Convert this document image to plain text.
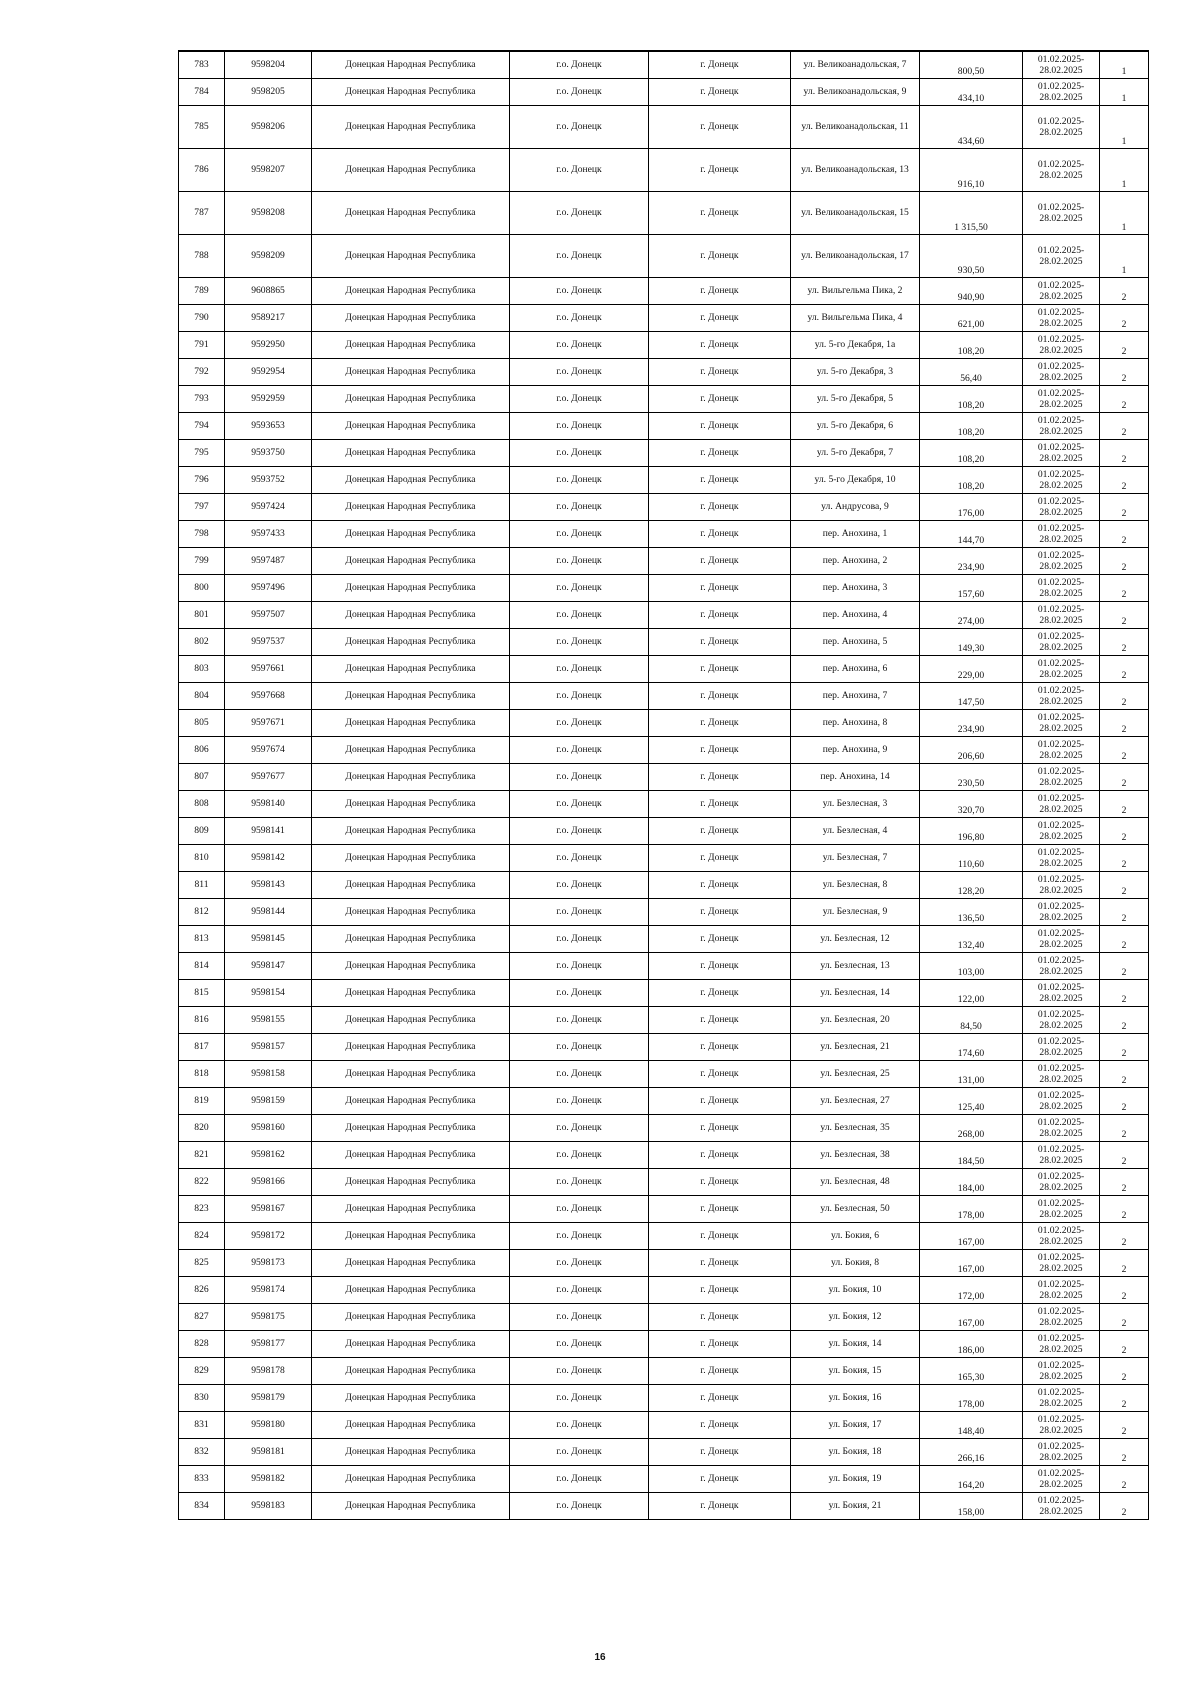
783	9598204	Донецкая Народная Республика	г.о. Донецк	г. Донецк	ул. Великоанадольская, 7	800,50	01.02.2025-28.02.2025	1
784	9598205	Донецкая Народная Республика	г.о. Донецк	г. Донецк	ул. Великоанадольская, 9	434,10	01.02.2025-28.02.2025	1
785	9598206	Донецкая Народная Республика	г.о. Донецк	г. Донецк	ул. Великоанадольская, 11	434,60	01.02.2025-28.02.2025	1
786	9598207	Донецкая Народная Республика	г.о. Донецк	г. Донецк	ул. Великоанадольская, 13	916,10	01.02.2025-28.02.2025	1
787	9598208	Донецкая Народная Республика	г.о. Донецк	г. Донецк	ул. Великоанадольская, 15	1 315,50	01.02.2025-28.02.2025	1
788	9598209	Донецкая Народная Республика	г.о. Донецк	г. Донецк	ул. Великоанадольская, 17	930,50	01.02.2025-28.02.2025	1
789	9608865	Донецкая Народная Республика	г.о. Донецк	г. Донецк	ул. Вильгельма Пика, 2	940,90	01.02.2025-28.02.2025	2
790	9589217	Донецкая Народная Республика	г.о. Донецк	г. Донецк	ул. Вильгельма Пика, 4	621,00	01.02.2025-28.02.2025	2
791	9592950	Донецкая Народная Республика	г.о. Донецк	г. Донецк	ул. 5-го Декабря, 1а	108,20	01.02.2025-28.02.2025	2
792	9592954	Донецкая Народная Республика	г.о. Донецк	г. Донецк	ул. 5-го Декабря, 3	56,40	01.02.2025-28.02.2025	2
793	9592959	Донецкая Народная Республика	г.о. Донецк	г. Донецк	ул. 5-го Декабря, 5	108,20	01.02.2025-28.02.2025	2
794	9593653	Донецкая Народная Республика	г.о. Донецк	г. Донецк	ул. 5-го Декабря, 6	108,20	01.02.2025-28.02.2025	2
795	9593750	Донецкая Народная Республика	г.о. Донецк	г. Донецк	ул. 5-го Декабря, 7	108,20	01.02.2025-28.02.2025	2
796	9593752	Донецкая Народная Республика	г.о. Донецк	г. Донецк	ул. 5-го Декабря, 10	108,20	01.02.2025-28.02.2025	2
797	9597424	Донецкая Народная Республика	г.о. Донецк	г. Донецк	ул. Андрусова, 9	176,00	01.02.2025-28.02.2025	2
798	9597433	Донецкая Народная Республика	г.о. Донецк	г. Донецк	пер. Анохина, 1	144,70	01.02.2025-28.02.2025	2
799	9597487	Донецкая Народная Республика	г.о. Донецк	г. Донецк	пер. Анохина, 2	234,90	01.02.2025-28.02.2025	2
800	9597496	Донецкая Народная Республика	г.о. Донецк	г. Донецк	пер. Анохина, 3	157,60	01.02.2025-28.02.2025	2
801	9597507	Донецкая Народная Республика	г.о. Донецк	г. Донецк	пер. Анохина, 4	274,00	01.02.2025-28.02.2025	2
802	9597537	Донецкая Народная Республика	г.о. Донецк	г. Донецк	пер. Анохина, 5	149,30	01.02.2025-28.02.2025	2
803	9597661	Донецкая Народная Республика	г.о. Донецк	г. Донецк	пер. Анохина, 6	229,00	01.02.2025-28.02.2025	2
804	9597668	Донецкая Народная Республика	г.о. Донецк	г. Донецк	пер. Анохина, 7	147,50	01.02.2025-28.02.2025	2
805	9597671	Донецкая Народная Республика	г.о. Донецк	г. Донецк	пер. Анохина, 8	234,90	01.02.2025-28.02.2025	2
806	9597674	Донецкая Народная Республика	г.о. Донецк	г. Донецк	пер. Анохина, 9	206,60	01.02.2025-28.02.2025	2
807	9597677	Донецкая Народная Республика	г.о. Донецк	г. Донецк	пер. Анохина, 14	230,50	01.02.2025-28.02.2025	2
808	9598140	Донецкая Народная Республика	г.о. Донецк	г. Донецк	ул. Безлесная, 3	320,70	01.02.2025-28.02.2025	2
809	9598141	Донецкая Народная Республика	г.о. Донецк	г. Донецк	ул. Безлесная, 4	196,80	01.02.2025-28.02.2025	2
810	9598142	Донецкая Народная Республика	г.о. Донецк	г. Донецк	ул. Безлесная, 7	110,60	01.02.2025-28.02.2025	2
811	9598143	Донецкая Народная Республика	г.о. Донецк	г. Донецк	ул. Безлесная, 8	128,20	01.02.2025-28.02.2025	2
812	9598144	Донецкая Народная Республика	г.о. Донецк	г. Донецк	ул. Безлесная, 9	136,50	01.02.2025-28.02.2025	2
813	9598145	Донецкая Народная Республика	г.о. Донецк	г. Донецк	ул. Безлесная, 12	132,40	01.02.2025-28.02.2025	2
814	9598147	Донецкая Народная Республика	г.о. Донецк	г. Донецк	ул. Безлесная, 13	103,00	01.02.2025-28.02.2025	2
815	9598154	Донецкая Народная Республика	г.о. Донецк	г. Донецк	ул. Безлесная, 14	122,00	01.02.2025-28.02.2025	2
816	9598155	Донецкая Народная Республика	г.о. Донецк	г. Донецк	ул. Безлесная, 20	84,50	01.02.2025-28.02.2025	2
817	9598157	Донецкая Народная Республика	г.о. Донецк	г. Донецк	ул. Безлесная, 21	174,60	01.02.2025-28.02.2025	2
818	9598158	Донецкая Народная Республика	г.о. Донецк	г. Донецк	ул. Безлесная, 25	131,00	01.02.2025-28.02.2025	2
819	9598159	Донецкая Народная Республика	г.о. Донецк	г. Донецк	ул. Безлесная, 27	125,40	01.02.2025-28.02.2025	2
820	9598160	Донецкая Народная Республика	г.о. Донецк	г. Донецк	ул. Безлесная, 35	268,00	01.02.2025-28.02.2025	2
821	9598162	Донецкая Народная Республика	г.о. Донецк	г. Донецк	ул. Безлесная, 38	184,50	01.02.2025-28.02.2025	2
822	9598166	Донецкая Народная Республика	г.о. Донецк	г. Донецк	ул. Безлесная, 48	184,00	01.02.2025-28.02.2025	2
823	9598167	Донецкая Народная Республика	г.о. Донецк	г. Донецк	ул. Безлесная, 50	178,00	01.02.2025-28.02.2025	2
824	9598172	Донецкая Народная Республика	г.о. Донецк	г. Донецк	ул. Бокия, 6	167,00	01.02.2025-28.02.2025	2
825	9598173	Донецкая Народная Республика	г.о. Донецк	г. Донецк	ул. Бокия, 8	167,00	01.02.2025-28.02.2025	2
826	9598174	Донецкая Народная Республика	г.о. Донецк	г. Донецк	ул. Бокия, 10	172,00	01.02.2025-28.02.2025	2
827	9598175	Донецкая Народная Республика	г.о. Донецк	г. Донецк	ул. Бокия, 12	167,00	01.02.2025-28.02.2025	2
828	9598177	Донецкая Народная Республика	г.о. Донецк	г. Донецк	ул. Бокия, 14	186,00	01.02.2025-28.02.2025	2
829	9598178	Донецкая Народная Республика	г.о. Донецк	г. Донецк	ул. Бокия, 15	165,30	01.02.2025-28.02.2025	2
830	9598179	Донецкая Народная Республика	г.о. Донецк	г. Донецк	ул. Бокия, 16	178,00	01.02.2025-28.02.2025	2
831	9598180	Донецкая Народная Республика	г.о. Донецк	г. Донецк	ул. Бокия, 17	148,40	01.02.2025-28.02.2025	2
832	9598181	Донецкая Народная Республика	г.о. Донецк	г. Донецк	ул. Бокия, 18	266,16	01.02.2025-28.02.2025	2
833	9598182	Донецкая Народная Республика	г.о. Донецк	г. Донецк	ул. Бокия, 19	164,20	01.02.2025-28.02.2025	2
834	9598183	Донецкая Народная Республика	г.о. Донецк	г. Донецк	ул. Бокия, 21	158,00	01.02.2025-28.02.2025	2
16
